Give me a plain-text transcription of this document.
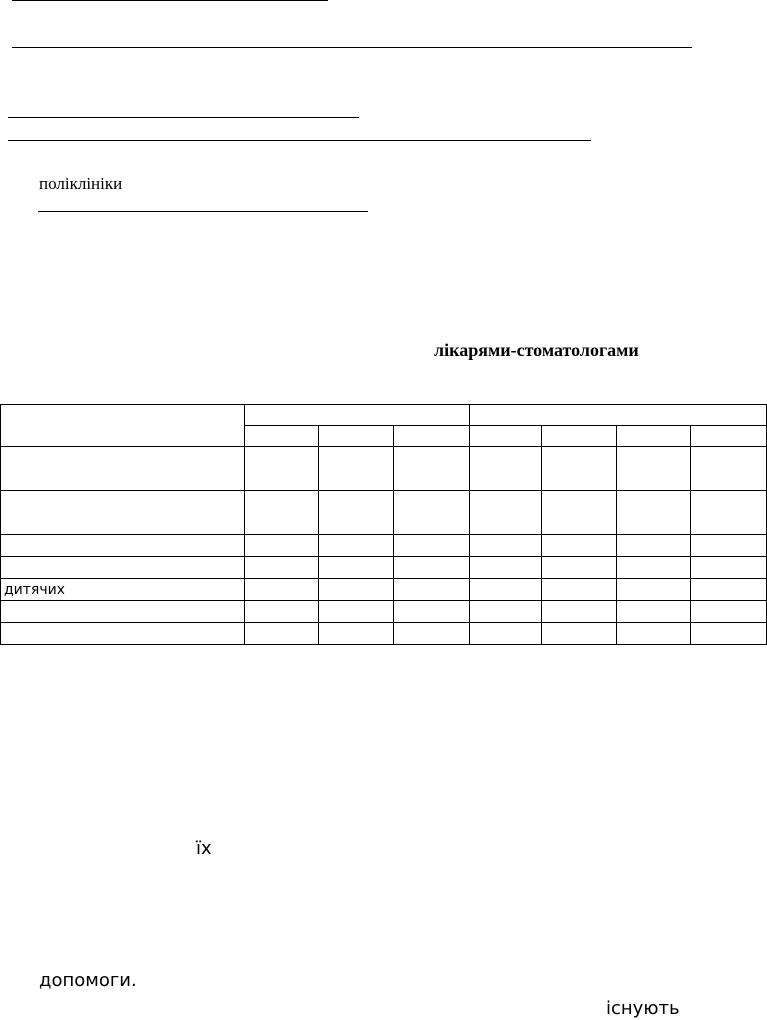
поліклініки
лікарями-стоматологами

дитячих							

їх
допомоги.
існують
